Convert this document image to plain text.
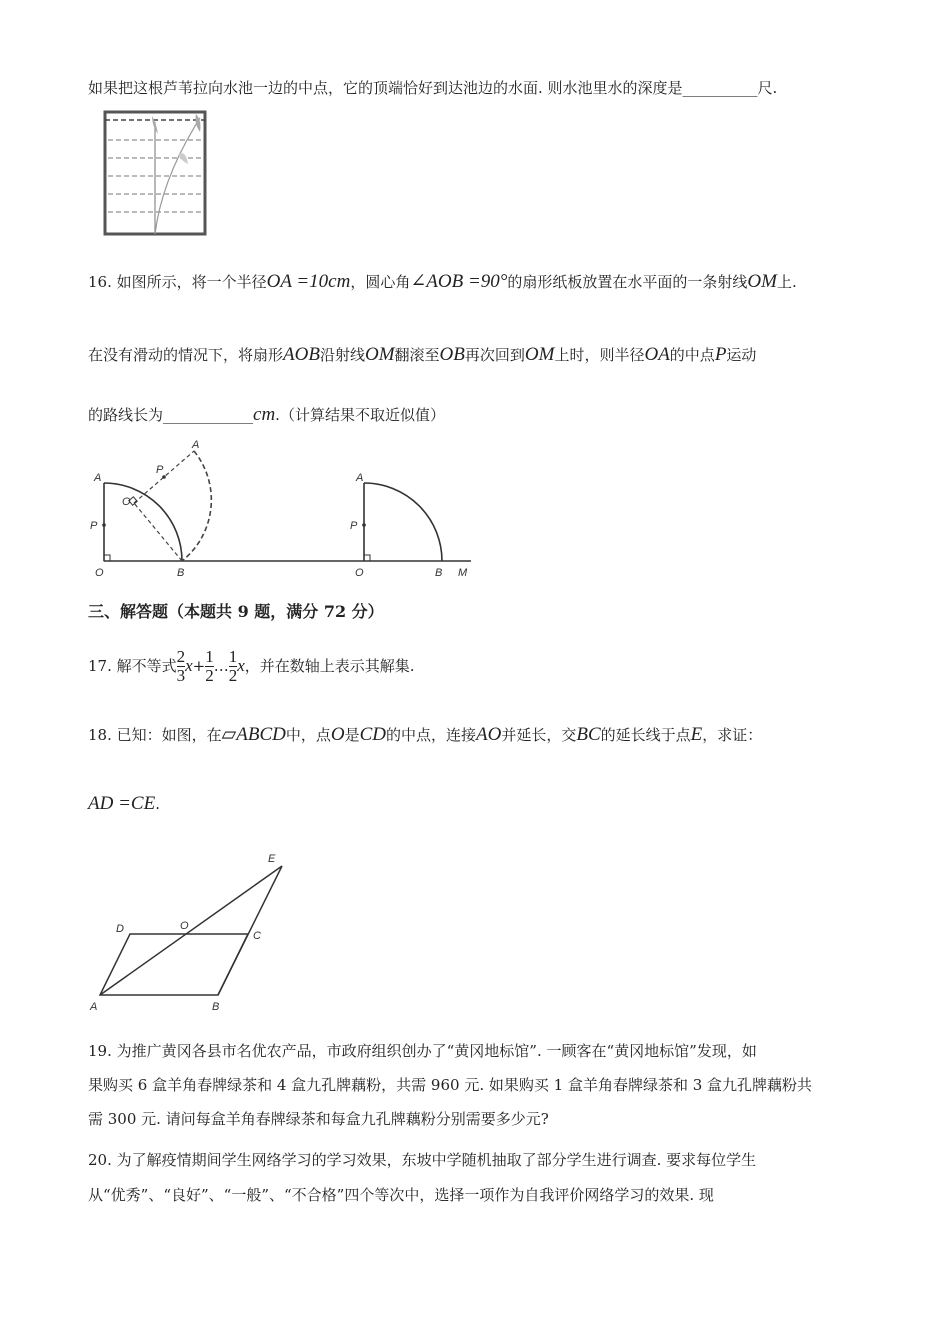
如果把这根芦苇拉向水池一边的中点，它的顶端恰好到达池边的水面. 则水池里水的深度是__________尺.
16. 如图所示，将一个半径OA =10cm，圆心角∠AOB =90°的扇形纸板放置在水平面的一条射线OM上.
在没有滑动的情况下，将扇形AOB沿射线OM翻滚至OB再次回到OM上时，则半径OA的中点P运动
的路线长为____________cm.（计算结果不取近似值）
A
P
O	B
O
P
A
A
P
O	B M
三、解答题（本题共 9 题，满分 72 分）
17. 解不等式 $\frac{2}{3} x+ \frac{1}{2}$ … $\frac{1}{2}$ x，并在数轴上表示其解集.
18. 已知：如图，在▱ABCD中，点O是CD的中点，连接AO并延长，交BC的延长线于点E，求证：
AD =CE.
A	B
C
D	O
E
19. 为推广黄冈各县市名优农产品，市政府组织创办了“黄冈地标馆”. 一顾客在“黄冈地标馆”发现，如
果购买 6 盒羊角春牌绿茶和 4 盒九孔牌藕粉，共需 960 元. 如果购买 1 盒羊角春牌绿茶和 3 盒九孔牌藕粉共
需 300 元. 请问每盒羊角春牌绿茶和每盒九孔牌藕粉分别需要多少元?
20. 为了解疫情期间学生网络学习的学习效果，东坡中学随机抽取了部分学生进行调查. 要求每位学生
从“优秀”、“良好”、“一般”、“不合格”四个等次中，选择一项作为自我评价网络学习的效果. 现
